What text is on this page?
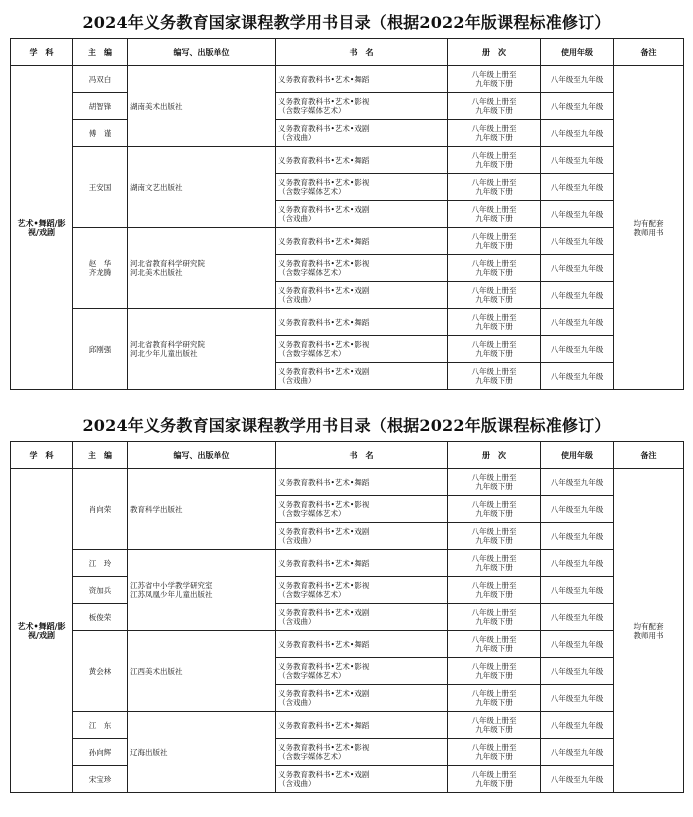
2024年义务教育国家课程教学用书目录（根据2022年版课程标准修订）
学　科	主　编	编写、出版单位	书　名	册　次	使用年级	备注

艺术•舞蹈/影
视/戏剧	冯双白	湖南美术出版社	义务教育教科书•艺术•舞蹈	八年级上册至
九年级下册	八年级至九年级	均有配套
教师用书

	胡智锋		义务教育教科书•艺术•影视
（含数字媒体艺术）	八年级上册至
九年级下册	八年级至九年级	

	傅　谨		义务教育教科书•艺术•戏剧
（含戏曲）	八年级上册至
九年级下册	八年级至九年级	

	王安国	湖南文艺出版社	义务教育教科书•艺术•舞蹈	八年级上册至
九年级下册	八年级至九年级	

			义务教育教科书•艺术•影视
（含数字媒体艺术）	八年级上册至
九年级下册	八年级至九年级	

			义务教育教科书•艺术•戏剧
（含戏曲）	八年级上册至
九年级下册	八年级至九年级	

	赵　华
齐龙腾	河北省教育科学研究院
河北美术出版社	义务教育教科书•艺术•舞蹈	八年级上册至
九年级下册	八年级至九年级	

			义务教育教科书•艺术•影视
（含数字媒体艺术）	八年级上册至
九年级下册	八年级至九年级	

			义务教育教科书•艺术•戏剧
（含戏曲）	八年级上册至
九年级下册	八年级至九年级	

	邱刚强	河北省教育科学研究院
河北少年儿童出版社	义务教育教科书•艺术•舞蹈	八年级上册至
九年级下册	八年级至九年级	

			义务教育教科书•艺术•影视
（含数字媒体艺术）	八年级上册至
九年级下册	八年级至九年级	

			义务教育教科书•艺术•戏剧
（含戏曲）	八年级上册至
九年级下册	八年级至九年级	
2024年义务教育国家课程教学用书目录（根据2022年版课程标准修订）
学　科	主　编	编写、出版单位	书　名	册　次	使用年级	备注

艺术•舞蹈/影
视/戏剧	肖向荣	教育科学出版社	义务教育教科书•艺术•舞蹈	八年级上册至
九年级下册	八年级至九年级	均有配套
教师用书

			义务教育教科书•艺术•影视
（含数字媒体艺术）	八年级上册至
九年级下册	八年级至九年级	

			义务教育教科书•艺术•戏剧
（含戏曲）	八年级上册至
九年级下册	八年级至九年级	

	江　玲	江苏省中小学教学研究室
江苏凤凰少年儿童出版社	义务教育教科书•艺术•舞蹈	八年级上册至
九年级下册	八年级至九年级	

	资加兵		义务教育教科书•艺术•影视
（含数字媒体艺术）	八年级上册至
九年级下册	八年级至九年级	

	板俊荣		义务教育教科书•艺术•戏剧
（含戏曲）	八年级上册至
九年级下册	八年级至九年级	

	黄会林	江西美术出版社	义务教育教科书•艺术•舞蹈	八年级上册至
九年级下册	八年级至九年级	

			义务教育教科书•艺术•影视
（含数字媒体艺术）	八年级上册至
九年级下册	八年级至九年级	

			义务教育教科书•艺术•戏剧
（含戏曲）	八年级上册至
九年级下册	八年级至九年级	

	江　东	辽海出版社	义务教育教科书•艺术•舞蹈	八年级上册至
九年级下册	八年级至九年级	

	孙向辉		义务教育教科书•艺术•影视
（含数字媒体艺术）	八年级上册至
九年级下册	八年级至九年级	

	宋宝珍		义务教育教科书•艺术•戏剧
（含戏曲）	八年级上册至
九年级下册	八年级至九年级	
